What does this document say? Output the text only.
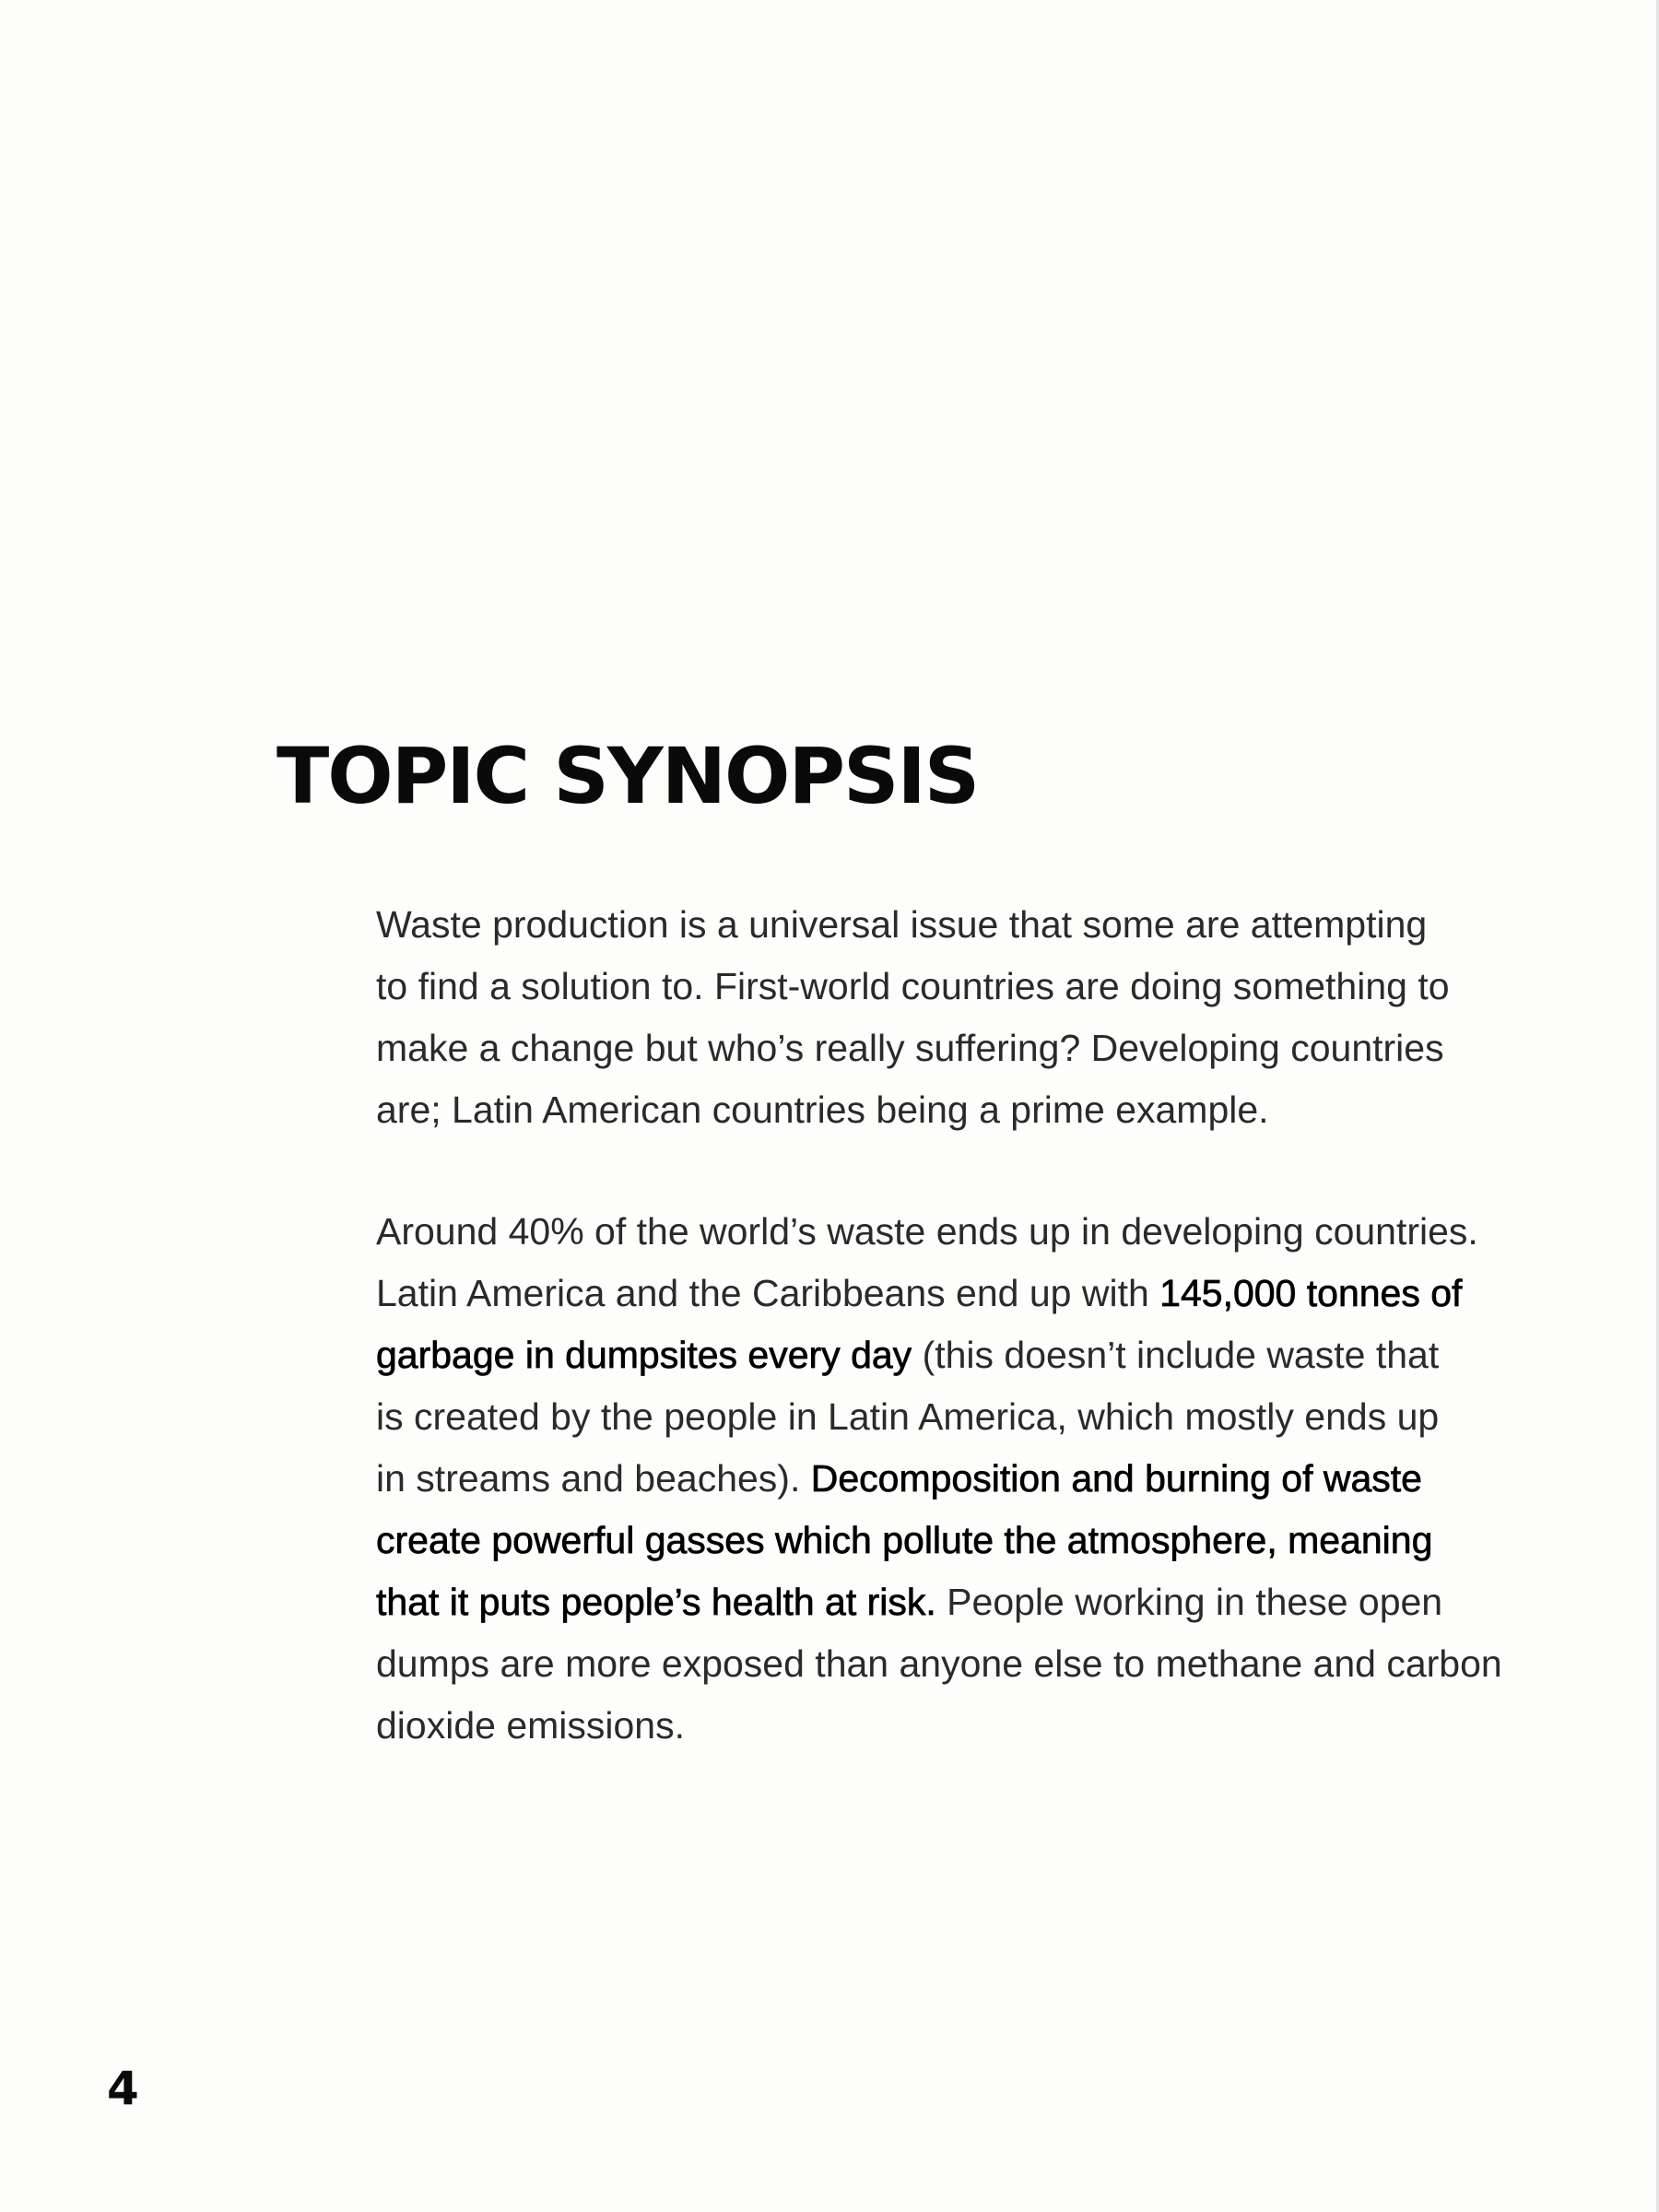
TOPIC SYNOPSIS

Waste production is a universal issue that some are attempting
to find a solution to. First-world countries are doing something to
make a change but who’s really suffering? Developing countries
are; Latin American countries being a prime example.

Around 40% of the world’s waste ends up in developing countries.
Latin America and the Caribbeans end up with 145,000 tonnes of
garbage in dumpsites every day (this doesn’t include waste that
is created by the people in Latin America, which mostly ends up
in streams and beaches). Decomposition and burning of waste
create powerful gasses which pollute the atmosphere, meaning
that it puts people’s health at risk. People working in these open
dumps are more exposed than anyone else to methane and carbon
dioxide emissions.

4
